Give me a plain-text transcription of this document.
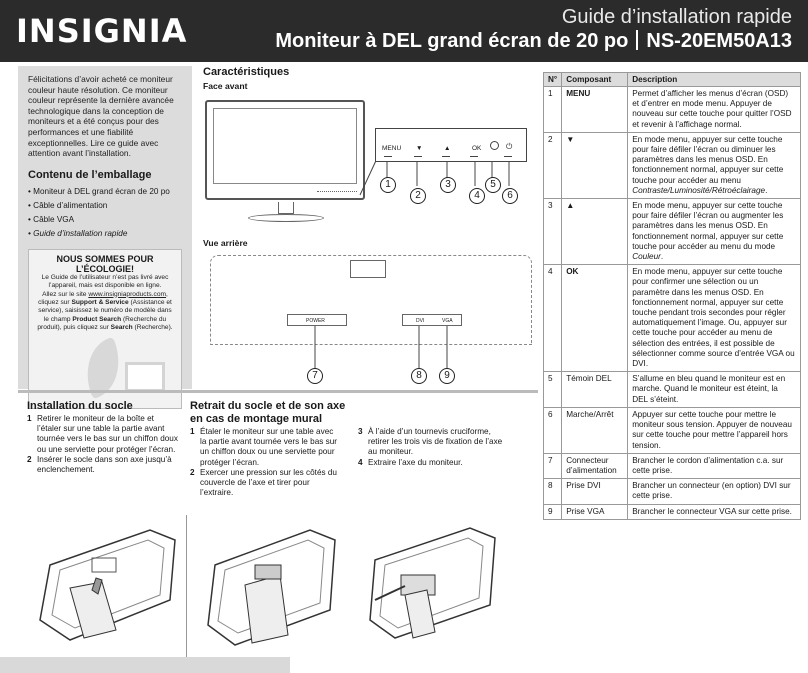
INSIGNIA	Guide d’installation rapide
Moniteur à DEL grand écran de 20 po NS-20EM50A13

Félicitations d’avoir acheté ce moniteur couleur haute résolution. Ce moniteur couleur représente la dernière avancée technologique dans la conception de moniteurs et a été conçus pour des performances et une fiabilité exceptionnelles. Lire ce guide avec attention avant l’installation.

Contenu de l’emballage
• Moniteur à DEL grand écran de 20 po
• Câble d’alimentation
• Câble VGA
• Guide d’installation rapide
NOUS SOMMES POUR L’ÉCOLOGIE!

Le Guide de l’utilisateur n’est pas livré avec l’appareil, mais est disponible en ligne.

Allez sur le site www.insigniaproducts.com, cliquez sur Support & Service (Assistance et service), saisissez le numéro de modèle dans le champ Product Search (Recherche du produit), puis cliquez sur Search (Recherche).

Caractéristiques
Face avant
MENU ▼	▲	OK	⏻
1
2
3
4
5
6
Vue arrière
POWER	DVI	VGA
7	8	9
N°	Composant	Description
1	MENU	Permet d’afficher les menus d’écran (OSD) et d’entrer en mode menu. Appuyer de nouveau sur cette touche pour quitter l’OSD et revenir à l’affichage normal.
2	▼	En mode menu, appuyer sur cette touche pour faire défiler l’écran ou diminuer les paramètres dans les menus OSD. En fonctionnement normal, appuyer sur cette touche pour accéder au menu Contraste/Luminosité/Rétroéclairage.
3	▲	En mode menu, appuyer sur cette touche pour faire défiler l’écran ou augmenter les paramètres dans les menus OSD. En fonctionnement normal, appuyer sur cette touche pour accéder au menu du mode Couleur.
4	OK	En mode menu, appuyer sur cette touche pour confirmer une sélection ou un paramètre dans les menus OSD. En fonctionnement normal, appuyer sur cette touche pendant trois secondes pour régler automatiquement l’image. Ou, appuyer sur cette touche pour accéder au menu de sélection des entrées, il est possible de sélectionner comme source d’entrée VGA ou DVI.
5	Témoin DEL	S’allume en bleu quand le moniteur est en marche. Quand le moniteur est éteint, la DEL s’éteint.
6	Marche/Arrêt	Appuyer sur cette touche pour mettre le moniteur sous tension. Appuyer de nouveau sur cette touche pour mettre l’appareil hors tension.
7	Connecteur d’alimentation	Brancher le cordon d’alimentation c.a. sur cette prise.
8	Prise DVI	Brancher un connecteur (en option) DVI sur cette prise.
9	Prise VGA	Brancher le connecteur VGA sur cette prise.
Installation du socle
1 Retirer le moniteur de la boîte et l’étaler sur une table la partie avant tournée vers le bas sur un chiffon doux ou une serviette pour protéger l’écran.
2 Insérer le socle dans son axe jusqu’à enclenchement.
Retrait du socle et de son axe en cas de montage mural
1 Étaler le moniteur sur une table avec la partie avant tournée vers le bas sur un chiffon doux ou une serviette pour protéger l’écran.
2 Exercer une pression sur les côtés du couvercle de l’axe et tirer pour l’extraire.
3 À l’aide d’un tournevis cruciforme, retirer les trois vis de fixation de l’axe au moniteur.
4 Extraire l’axe du moniteur.
